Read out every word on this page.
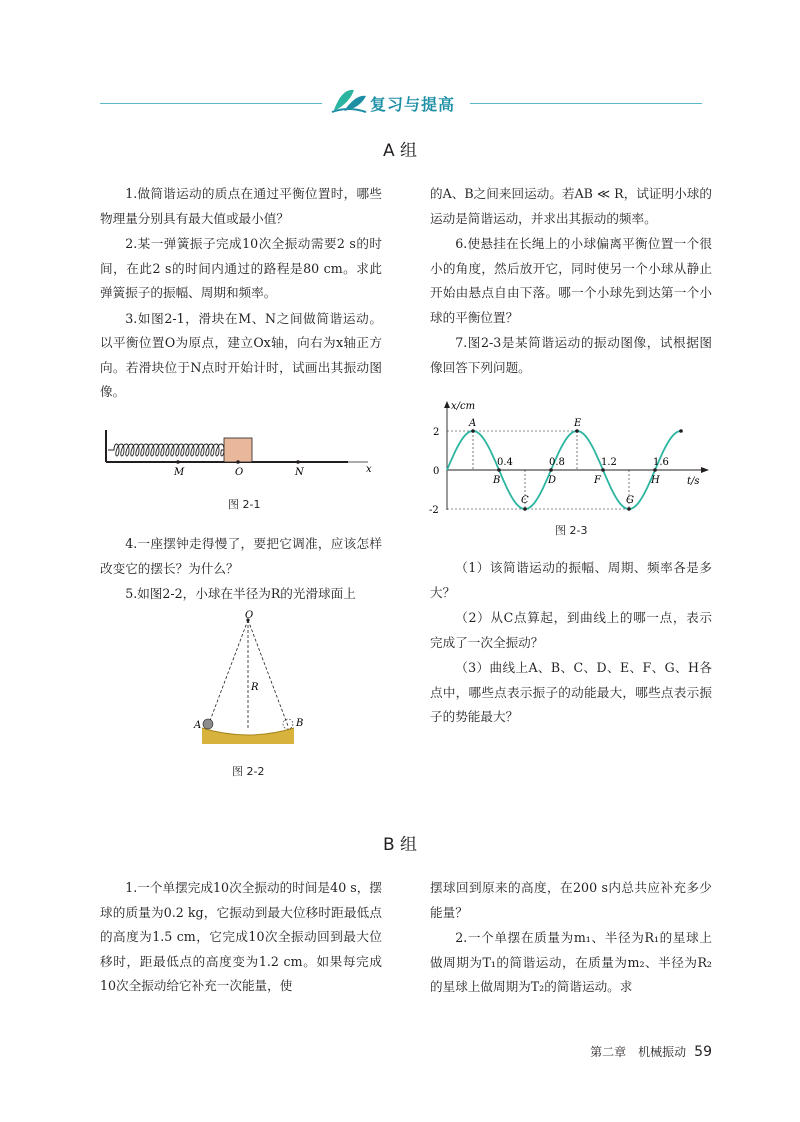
复习与提高
A 组

1.做简谐运动的质点在通过平衡位置时，哪些物理量分别具有最大值或最小值？

2.某一弹簧振子完成10次全振动需要2 s的时间，在此2 s的时间内通过的路程是80 cm。求此弹簧振子的振幅、周期和频率。

3.如图2-1，滑块在M、N之间做简谐运动。以平衡位置O为原点，建立Ox轴，向右为x轴正方向。若滑块位于N点时开始计时，试画出其振动图像。

M	O	N	x
图 2-1

4.一座摆钟走得慢了，要把它调准，应该怎样改变它的摆长？为什么？

5.如图2-2，小球在半径为R的光滑球面上

O
R
A	B
图 2-2

的A、B之间来回运动。若AB ≪ R，试证明小球的运动是简谐运动，并求出其振动的频率。

6.使悬挂在长绳上的小球偏离平衡位置一个很小的角度，然后放开它，同时使另一个小球从静止开始由悬点自由下落。哪一个小球先到达第一个小球的平衡位置？

7.图2-3是某简谐运动的振动图像，试根据图像回答下列问题。

2
0
-2
0.4	0.8	1.2	1.6
x/cm
t/s
A
B
C
D
E
F
G
H
图 2-3

（1）该简谐运动的振幅、周期、频率各是多大？

（2）从C点算起，到曲线上的哪一点，表示完成了一次全振动？

（3）曲线上A、B、C、D、E、F、G、H各点中，哪些点表示振子的动能最大，哪些点表示振子的势能最大？

B 组

1.一个单摆完成10次全振动的时间是40 s，摆球的质量为0.2 kg，它振动到最大位移时距最低点的高度为1.5 cm，它完成10次全振动回到最大位移时，距最低点的高度变为1.2 cm。如果每完成10次全振动给它补充一次能量，使

摆球回到原来的高度，在200 s内总共应补充多少能量？

2.一个单摆在质量为m₁、半径为R₁的星球上做周期为T₁的简谐运动，在质量为m₂、半径为R₂的星球上做周期为T₂的简谐运动。求

第二章　机械振动 59
